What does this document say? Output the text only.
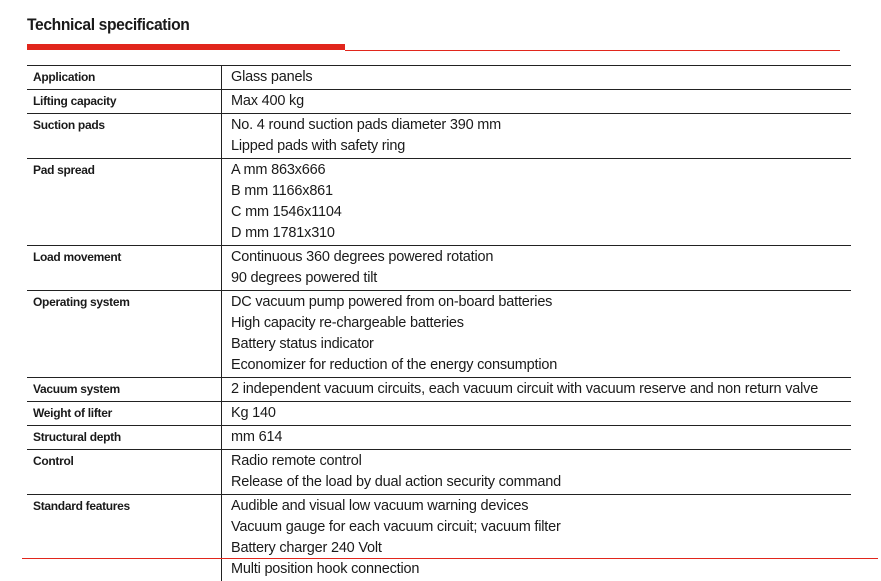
Technical specification
Application	Glass panels
Lifting capacity	Max 400 kg
Suction pads	No. 4 round suction pads diameter 390 mm
Lipped pads with safety ring
Pad spread	A mm 863x666
B mm 1166x861
C mm 1546x1104
D mm 1781x310
Load movement	Continuous 360 degrees powered rotation
90 degrees powered tilt
Operating system	DC vacuum pump powered from on-board batteries
High capacity re-chargeable batteries
Battery status indicator
Economizer for reduction of the energy consumption
Vacuum system	2 independent vacuum circuits, each vacuum circuit with vacuum reserve and non return valve
Weight of lifter	Kg 140
Structural depth	mm 614
Control	Radio remote control
Release of the load by dual action security command
Standard features	Audible and visual low vacuum warning devices
Vacuum gauge for each vacuum circuit; vacuum filter
Battery charger 240 Volt
Multi position hook connection
